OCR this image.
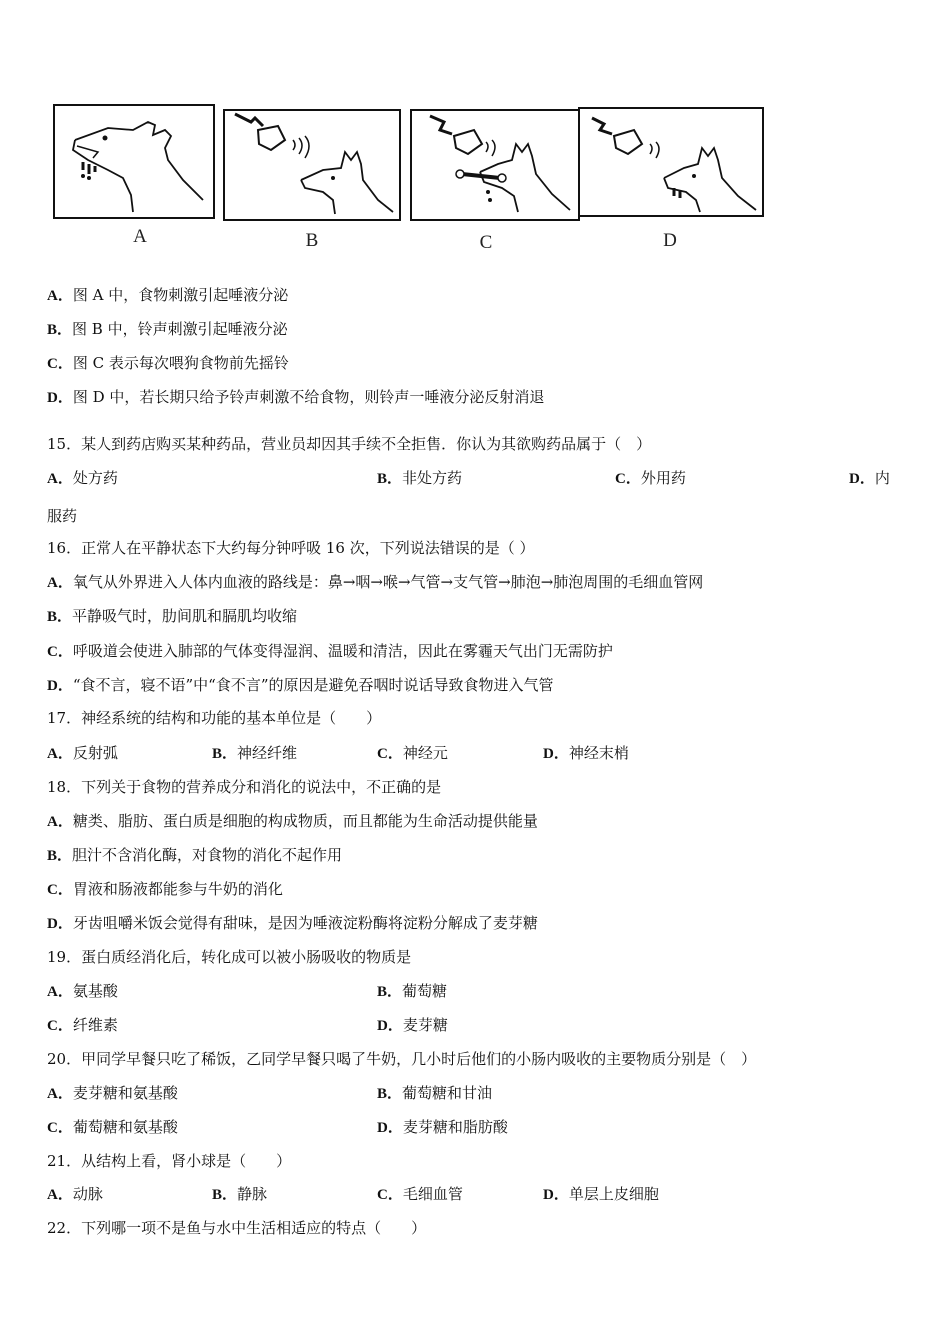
A	B	C	D
A．图 A 中，食物刺激引起唾液分泌
B．图 B 中，铃声刺激引起唾液分泌
C．图 C 表示每次喂狗食物前先摇铃
D．图 D 中，若长期只给予铃声刺激不给食物，则铃声一唾液分泌反射消退
15．某人到药店购买某种药品，营业员却因其手续不全拒售．你认为其欲购药品属于（　）
A．处方药	B．非处方药	C．外用药	D．内
服药
16．正常人在平静状态下大约每分钟呼吸 16 次，下列说法错误的是（ ）
A．氧气从外界进入人体内血液的路线是：鼻→咽→喉→气管→支气管→肺泡→肺泡周围的毛细血管网
B．平静吸气时，肋间肌和膈肌均收缩
C．呼吸道会使进入肺部的气体变得湿润、温暖和清洁，因此在雾霾天气出门无需防护
D．“食不言，寝不语”中“食不言”的原因是避免吞咽时说话导致食物进入气管
17．神经系统的结构和功能的基本单位是（　　）
A．反射弧	B．神经纤维	C．神经元	D．神经末梢
18．下列关于食物的营养成分和消化的说法中，不正确的是
A．糖类、脂肪、蛋白质是细胞的构成物质，而且都能为生命活动提供能量
B．胆汁不含消化酶，对食物的消化不起作用
C．胃液和肠液都能参与牛奶的消化
D．牙齿咀嚼米饭会觉得有甜味，是因为唾液淀粉酶将淀粉分解成了麦芽糖
19．蛋白质经消化后，转化成可以被小肠吸收的物质是
A．氨基酸	B．葡萄糖
C．纤维素	D．麦芽糖
20．甲同学早餐只吃了稀饭，乙同学早餐只喝了牛奶，几小时后他们的小肠内吸收的主要物质分别是（　）
A．麦芽糖和氨基酸	B．葡萄糖和甘油
C．葡萄糖和氨基酸	D．麦芽糖和脂肪酸
21．从结构上看，肾小球是（　　）
A．动脉	B．静脉	C．毛细血管	D．单层上皮细胞
22．下列哪一项不是鱼与水中生活相适应的特点（　　）
